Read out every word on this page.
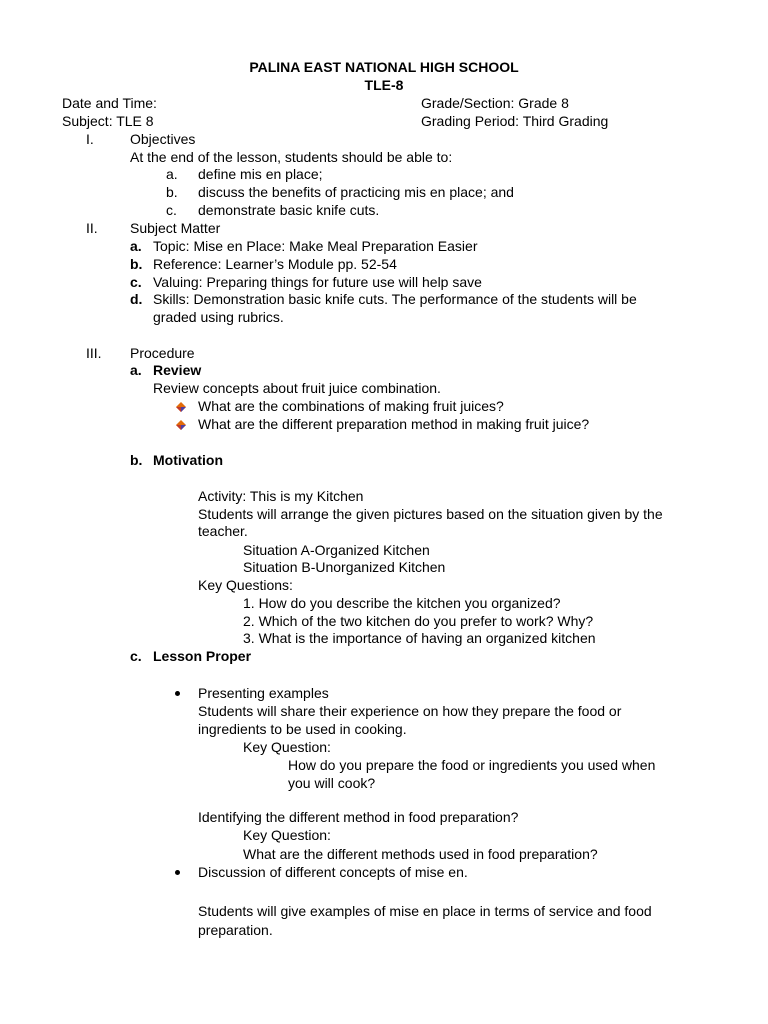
PALINA EAST NATIONAL HIGH SCHOOL
TLE-8
Date and Time:	Grade/Section: Grade 8
Subject: TLE 8	Grading Period: Third Grading
I.	Objectives
At the end of the lesson, students should be able to:
a. define mis en place;
b. discuss the benefits of practicing mis en place; and
c. demonstrate basic knife cuts.
II. Subject Matter
a. Topic: Mise en Place: Make Meal Preparation Easier
b. Reference: Learner’s Module pp. 52-54
c. Valuing: Preparing things for future use will help save
d. Skills: Demonstration basic knife cuts. The performance of the students will be
graded using rubrics.
III. Procedure
a. Review
Review concepts about fruit juice combination.
What are the combinations of making fruit juices?
What are the different preparation method in making fruit juice?
b. Motivation
Activity: This is my Kitchen
Students will arrange the given pictures based on the situation given by the
teacher.
Situation A-Organized Kitchen
Situation B-Unorganized Kitchen
Key Questions:
1. How do you describe the kitchen you organized?
2. Which of the two kitchen do you prefer to work? Why?
3. What is the importance of having an organized kitchen
c. Lesson Proper
Presenting examples
Students will share their experience on how they prepare the food or
ingredients to be used in cooking.
Key Question:
How do you prepare the food or ingredients you used when
you will cook?
Identifying the different method in food preparation?
Key Question:
What are the different methods used in food preparation?
Discussion of different concepts of mise en.
Students will give examples of mise en place in terms of service and food
preparation.
